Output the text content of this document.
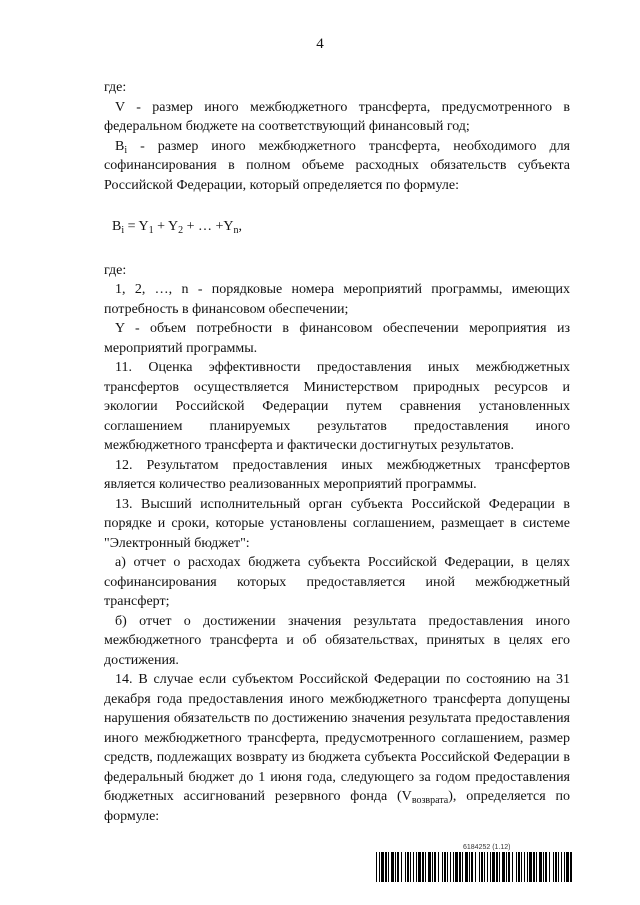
4

где:

V - размер иного межбюджетного трансферта, предусмотренного в федеральном бюджете на соответствующий финансовый год;

$B_i$ - размер иного межбюджетного трансферта, необходимого для софинансирования в полном объеме расходных обязательств субъекта Российской Федерации, который определяется по формуле:

$B_i = Y_1 + Y_2$ + … $+Y_n$,

где:

1, 2, …, n - порядковые номера мероприятий программы, имеющих потребность в финансовом обеспечении;

Y - объем потребности в финансовом обеспечении мероприятия из мероприятий программы.

11. Оценка эффективности предоставления иных межбюджетных трансфертов осуществляется Министерством природных ресурсов и экологии Российской Федерации путем сравнения установленных соглашением планируемых результатов предоставления иного межбюджетного трансферта и фактически достигнутых результатов.

12. Результатом предоставления иных межбюджетных трансфертов является количество реализованных мероприятий программы.

13. Высший исполнительный орган субъекта Российской Федерации в порядке и сроки, которые установлены соглашением, размещает в системе "Электронный бюджет":

а) отчет о расходах бюджета субъекта Российской Федерации, в целях софинансирования которых предоставляется иной межбюджетный трансферт;

б) отчет о достижении значения результата предоставления иного межбюджетного трансферта и об обязательствах, принятых в целях его достижения.

14. В случае если субъектом Российской Федерации по состоянию на 31 декабря года предоставления иного межбюджетного трансферта допущены нарушения обязательств по достижению значения результата предоставления иного межбюджетного трансферта, предусмотренного соглашением, размер средств, подлежащих возврату из бюджета субъекта Российской Федерации в федеральный бюджет до 1 июня года, следующего за годом предоставления бюджетных ассигнований резервного фонда $(V_{возврата})$, определяется по формуле:

6184252 (1.12)
